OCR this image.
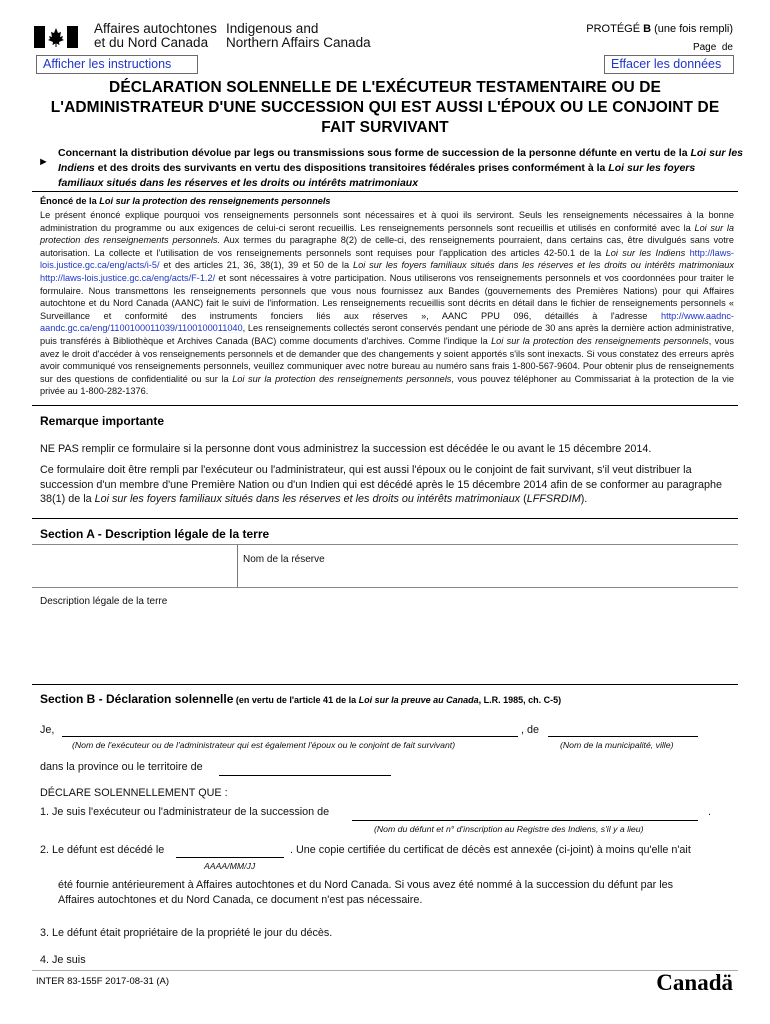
Affaires autochtones
et du Nord Canada
Indigenous and
Northern Affairs Canada
PROTÉGÉ B (une fois rempli)
Page  de
Afficher les instructions	Effacer les données
DÉCLARATION SOLENNELLE DE L'EXÉCUTEUR TESTAMENTAIRE OU DE
L'ADMINISTRATEUR D'UNE SUCCESSION QUI EST AUSSI L'ÉPOUX OU LE CONJOINT DE
FAIT SURVIVANT
►
Concernant la distribution dévolue par legs ou transmissions sous forme de succession de la personne défunte en vertu de la Loi sur les Indiens et des droits des survivants en vertu des dispositions transitoires fédérales prises conformément à la Loi sur les foyers familiaux situés dans les réserves et les droits ou intérêts matrimoniaux
Énoncé de la Loi sur la protection des renseignements personnels
Le présent énoncé explique pourquoi vos renseignements personnels sont nécessaires et à quoi ils serviront. Seuls les renseignements nécessaires à la bonne administration du programme ou aux exigences de celui-ci seront recueillis. Les renseignements personnels sont recueillis et utilisés en conformité avec la Loi sur la protection des renseignements personnels. Aux termes du paragraphe 8(2) de celle-ci, des renseignements pourraient, dans certains cas, être divulgués sans votre autorisation. La collecte et l'utilisation de vos renseignements personnels sont requises pour l'application des articles 42-50.1 de la Loi sur les Indiens http://laws-lois.justice.gc.ca/eng/acts/i-5/ et des articles 21, 36, 38(1), 39 et 50 de la Loi sur les foyers familiaux situés dans les réserves et les droits ou intérêts matrimoniaux http://laws-lois.justice.gc.ca/eng/acts/F-1.2/ et sont nécessaires à votre participation. Nous utiliserons vos renseignements personnels et vos coordonnées pour traiter le formulaire. Nous transmettons les renseignements personnels que vous nous fournissez aux Bandes (gouvernements des Premières Nations) pour qui Affaires autochtone et du Nord Canada (AANC) fait le suivi de l'information. Les renseignements recueillis sont décrits en détail dans le fichier de renseignements personnels « Surveillance et conformité des instruments fonciers liés aux réserves », AANC PPU 096, détaillés à l'adresse http://www.aadnc-aandc.gc.ca/eng/1100100011039/1100100011040, Les renseignements collectés seront conservés pendant une période de 30 ans après la dernière action administrative, puis transférés à Bibliothèque et Archives Canada (BAC) comme documents d'archives. Comme l'indique la Loi sur la protection des renseignements personnels, vous avez le droit d'accéder à vos renseignements personnels et de demander que des changements y soient apportés s'ils sont inexacts. Si vous constatez des erreurs après avoir communiqué vos renseignements personnels, veuillez communiquer avec notre bureau au numéro sans frais 1-800-567-9604. Pour obtenir plus de renseignements sur des questions de confidentialité ou sur la Loi sur la protection des renseignements personnels, vous pouvez téléphoner au Commissariat à la protection de la vie privée au 1-800-282-1376.
Remarque importante
NE PAS remplir ce formulaire si la personne dont vous administrez la succession est décédée le ou avant le 15 décembre 2014.
Ce formulaire doit être rempli par l'exécuteur ou l'administrateur, qui est aussi l'époux ou le conjoint de fait survivant, s'il veut distribuer la succession d'un membre d'une Première Nation ou d'un Indien qui est décédé après le 15 décembre 2014 afin de se conformer au paragraphe 38(1) de la Loi sur les foyers familiaux situés dans les réserves et les droits ou intérêts matrimoniaux (LFFSRDIM).
Section A - Description légale de la terre
Nom de la réserve
Description légale de la terre
Section B - Déclaration solennelle (en vertu de l'article 41 de la Loi sur la preuve au Canada, L.R. 1985, ch. C-5)
Je,	, de
(Nom de l'exécuteur ou de l'administrateur qui est également l'époux ou le conjoint de fait survivant)	(Nom de la municipalité, ville)
dans la province ou le territoire de
DÉCLARE SOLENNELLEMENT QUE :
1. Je suis l'exécuteur ou l'administrateur de la succession de	.
(Nom du défunt et n° d'inscription au Registre des Indiens, s'il y a lieu)
2. Le défunt est décédé le	. Une copie certifiée du certificat de décès est annexée (ci-joint) à moins qu'elle n'ait
AAAA/MM/JJ
été fournie antérieurement à Affaires autochtones et du Nord Canada. Si vous avez été nommé à la succession du défunt par les
Affaires autochtones et du Nord Canada, ce document n'est pas nécessaire.
3. Le défunt était propriétaire de la propriété le jour du décès.
4. Je suis
INTER 83-155F 2017-08-31 (A)	Canadä
